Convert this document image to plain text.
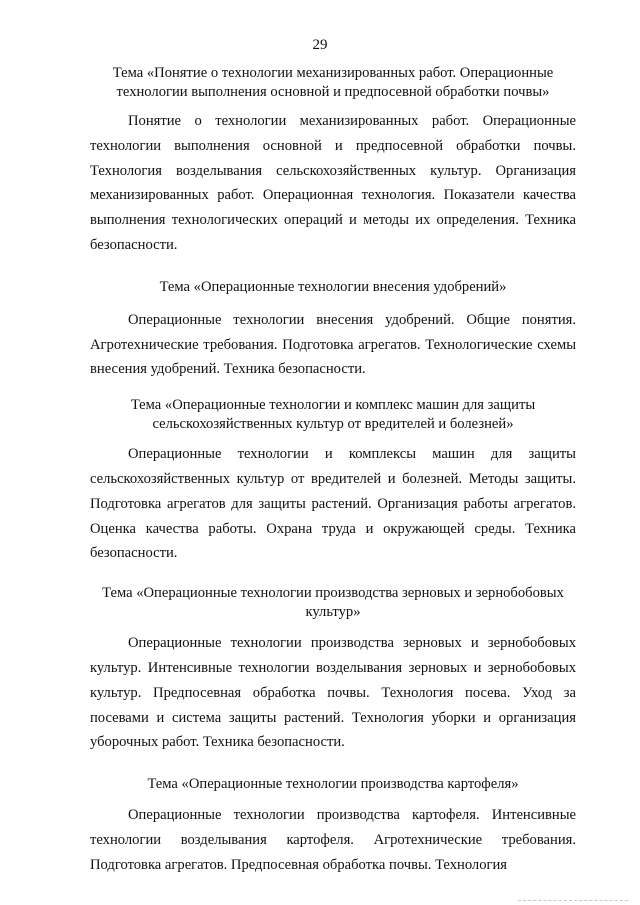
29

Тема «Понятие о технологии механизированных работ. Операционные технологии выполнения основной и предпосевной обработки почвы»

Понятие о технологии механизированных работ. Операционные технологии выполнения основной и предпосевной обработки почвы. Технология возделывания сельскохозяйственных культур. Организация механизированных работ. Операционная технология. Показатели качества выполнения технологических операций и методы их определения. Техника безопасности.

Тема «Операционные технологии внесения удобрений»

Операционные технологии внесения удобрений. Общие понятия. Агротехнические требования. Подготовка агрегатов. Технологические схемы внесения удобрений. Техника безопасности.

Тема «Операционные технологии и комплекс машин для защиты сельскохозяйственных культур от вредителей и болезней»

Операционные технологии и комплексы машин для защиты сельскохозяйственных культур от вредителей и болезней. Методы защиты. Подготовка агрегатов для защиты растений. Организация работы агрегатов. Оценка качества работы. Охрана труда и окружающей среды. Техника безопасности.

Тема «Операционные технологии производства зерновых и зернобобовых культур»

Операционные технологии производства зерновых и зернобобовых культур. Интенсивные технологии возделывания зерновых и зернобобовых культур. Предпосевная обработка почвы. Технология посева. Уход за посевами и система защиты растений. Технология уборки и организация уборочных работ. Техника безопасности.

Тема «Операционные технологии производства картофеля»

Операционные технологии производства картофеля. Интенсивные технологии возделывания картофеля. Агротехнические требования. Подготовка агрегатов. Предпосевная обработка почвы. Технология
